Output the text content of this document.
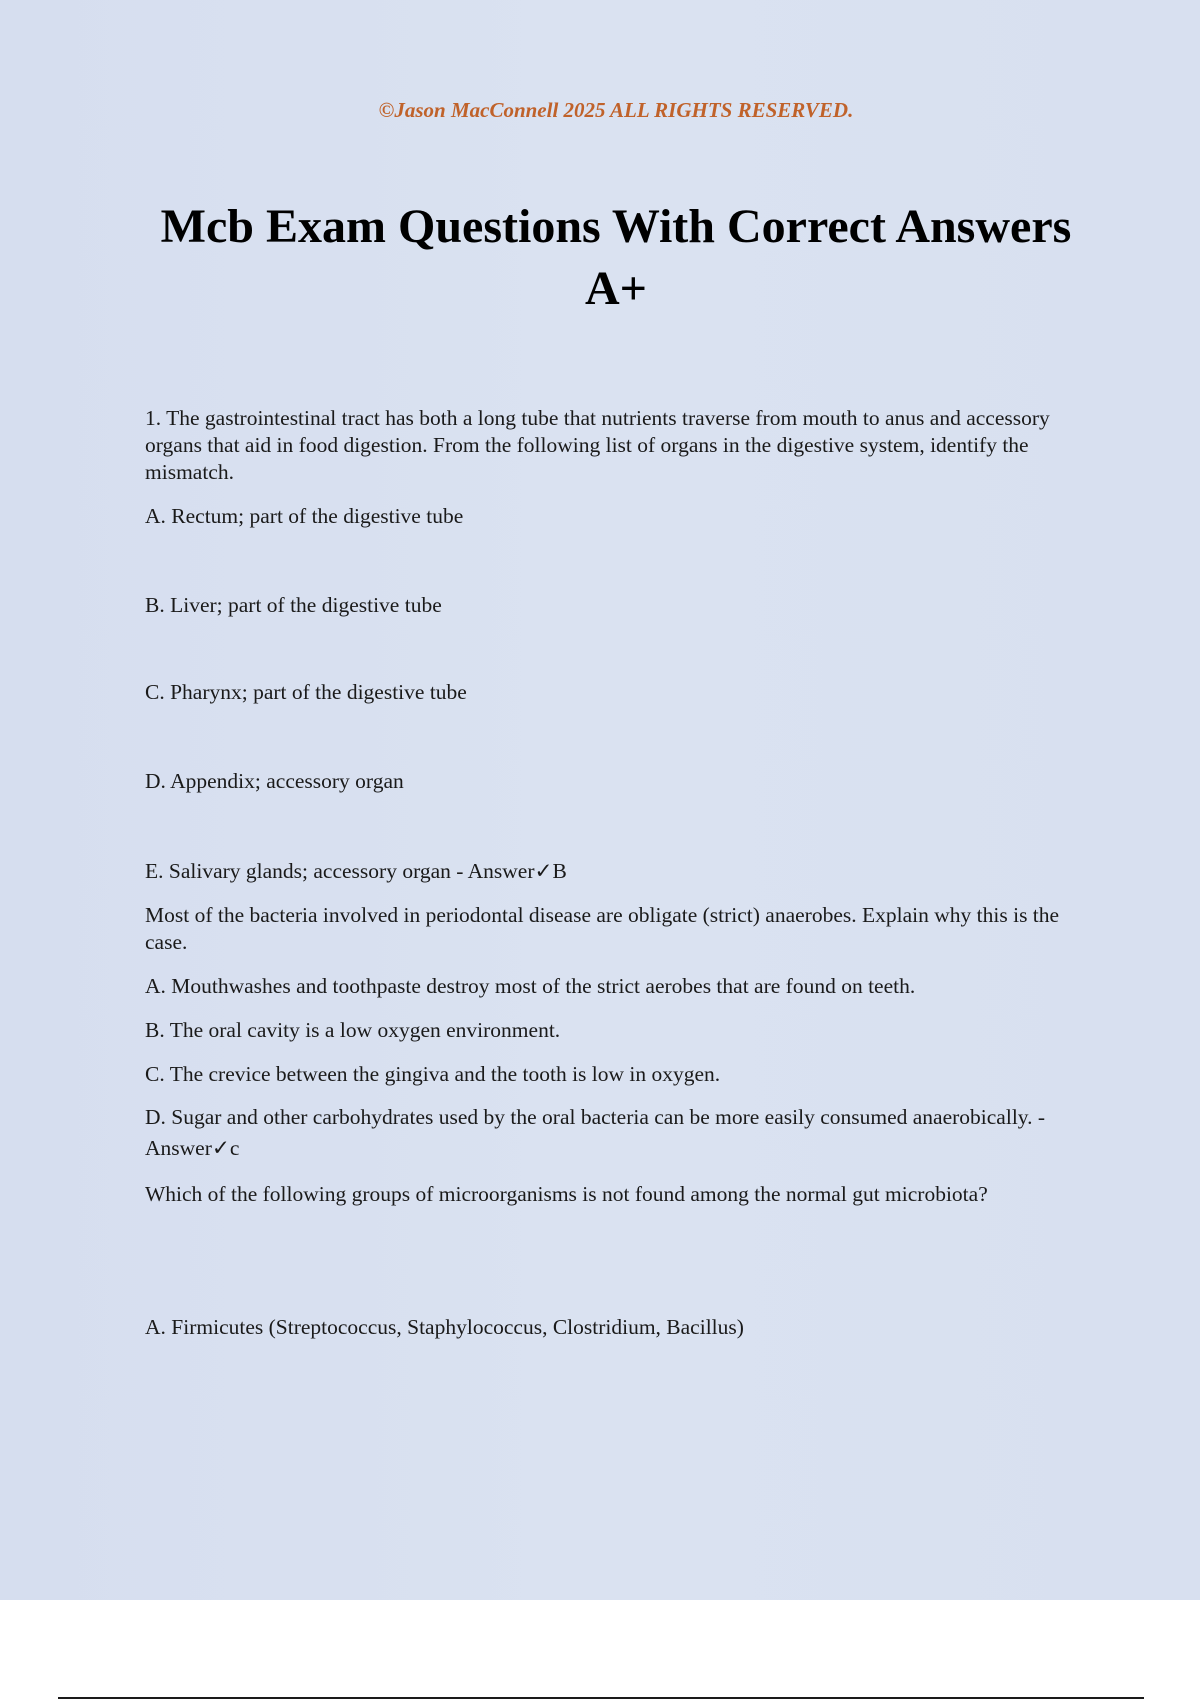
©Jason MacConnell 2025 ALL RIGHTS RESERVED.

Mcb Exam Questions With Correct Answers
A+

1. The gastrointestinal tract has both a long tube that nutrients traverse from mouth to anus and accessory organs that aid in food digestion. From the following list of organs in the digestive system, identify the mismatch.

A. Rectum; part of the digestive tube

B. Liver; part of the digestive tube

C. Pharynx; part of the digestive tube

D. Appendix; accessory organ

E. Salivary glands; accessory organ - Answer✓B

Most of the bacteria involved in periodontal disease are obligate (strict) anaerobes. Explain why this is the case.

A. Mouthwashes and toothpaste destroy most of the strict aerobes that are found on teeth.

B. The oral cavity is a low oxygen environment.

C. The crevice between the gingiva and the tooth is low in oxygen.

D. Sugar and other carbohydrates used by the oral bacteria can be more easily consumed anaerobically. - Answer✓c

Which of the following groups of microorganisms is not found among the normal gut microbiota?

A. Firmicutes (Streptococcus, Staphylococcus, Clostridium, Bacillus)
